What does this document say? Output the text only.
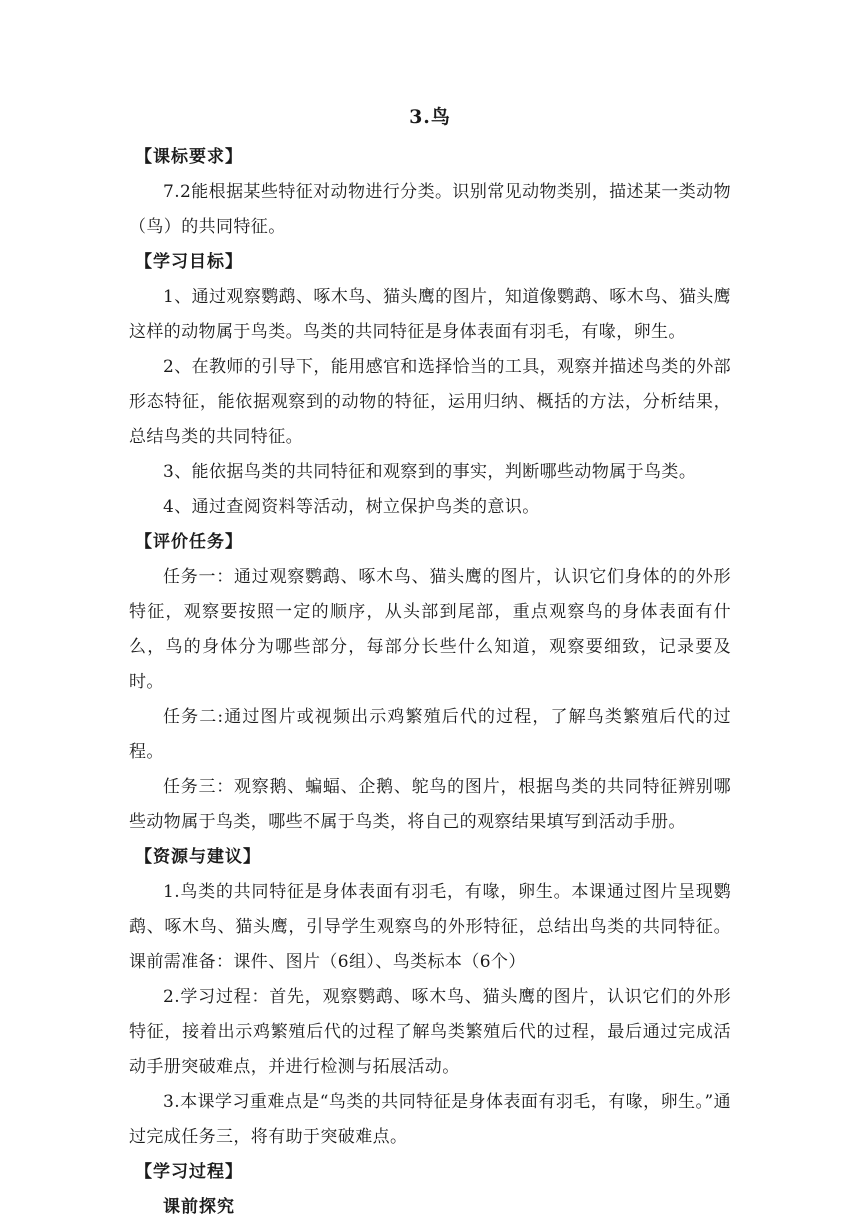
3.鸟
【课标要求】

7.2能根据某些特征对动物进行分类。识别常见动物类别，描述某一类动物（鸟）的共同特征。

【学习目标】

1、通过观察鹦鹉、啄木鸟、猫头鹰的图片，知道像鹦鹉、啄木鸟、猫头鹰这样的动物属于鸟类。鸟类的共同特征是身体表面有羽毛，有喙，卵生。

2、在教师的引导下，能用感官和选择恰当的工具，观察并描述鸟类的外部形态特征，能依据观察到的动物的特征，运用归纳、概括的方法，分析结果，总结鸟类的共同特征。

3、能依据鸟类的共同特征和观察到的事实，判断哪些动物属于鸟类。

4、通过查阅资料等活动，树立保护鸟类的意识。

【评价任务】

任务一：通过观察鹦鹉、啄木鸟、猫头鹰的图片，认识它们身体的的外形特征，观察要按照一定的顺序，从头部到尾部，重点观察鸟的身体表面有什么，鸟的身体分为哪些部分，每部分长些什么知道，观察要细致，记录要及时。

任务二:通过图片或视频出示鸡繁殖后代的过程，了解鸟类繁殖后代的过程。

任务三：观察鹅、蝙蝠、企鹅、鸵鸟的图片，根据鸟类的共同特征辨别哪些动物属于鸟类，哪些不属于鸟类，将自己的观察结果填写到活动手册。

【资源与建议】

1.鸟类的共同特征是身体表面有羽毛，有喙，卵生。本课通过图片呈现鹦鹉、啄木鸟、猫头鹰，引导学生观察鸟的外形特征，总结出鸟类的共同特征。课前需准备：课件、图片（6组）、鸟类标本（6个）

2.学习过程：首先，观察鹦鹉、啄木鸟、猫头鹰的图片，认识它们的外形特征，接着出示鸡繁殖后代的过程了解鸟类繁殖后代的过程，最后通过完成活动手册突破难点，并进行检测与拓展活动。

3.本课学习重难点是“鸟类的共同特征是身体表面有羽毛，有喙，卵生。”通过完成任务三，将有助于突破难点。

【学习过程】

课前探究
